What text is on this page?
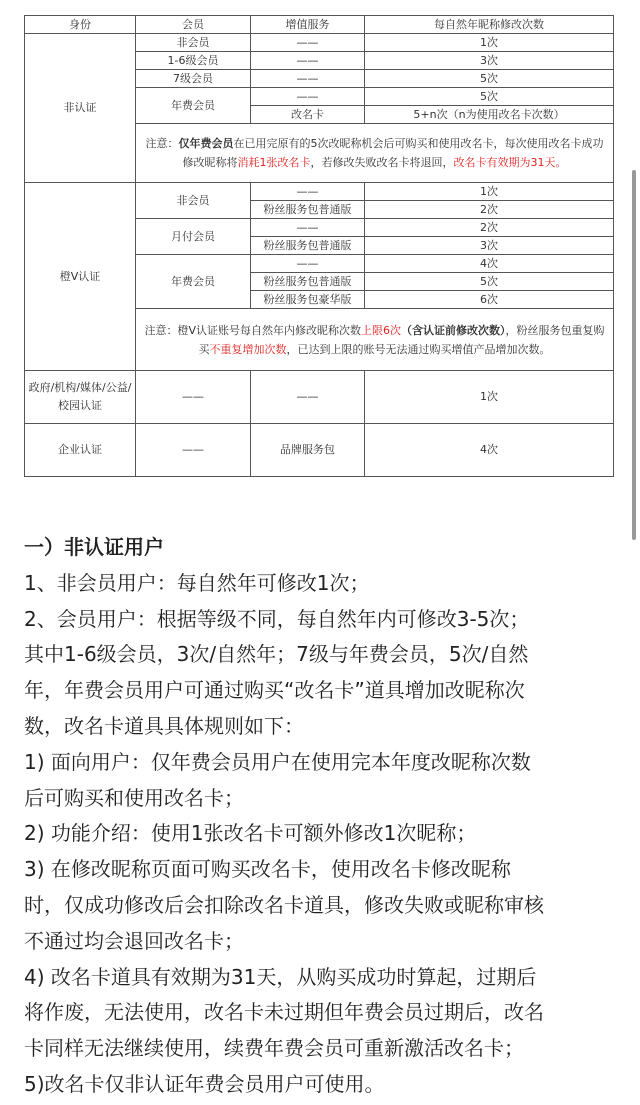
身份	会员	增值服务	每自然年昵称修改次数
非认证	非会员	——	1次
	1-6级会员	——	3次
	7级会员	——	5次
	年费会员	——	5次
		改名卡	5+n次（n为使用改名卡次数）
	注意：仅年费会员在已用完原有的5次改昵称机会后可购买和使用改名卡，每次使用改名卡成功修改昵称将消耗1张改名卡，若修改失败改名卡将退回，改名卡有效期为31天。		
橙V认证	非会员	——	1次
		粉丝服务包普通版	2次
	月付会员	——	2次
		粉丝服务包普通版	3次
	年费会员	——	4次
		粉丝服务包普通版	5次
		粉丝服务包豪华版	6次
	注意：橙V认证账号每自然年内修改昵称次数上限6次（含认证前修改次数），粉丝服务包重复购买不重复增加次数，已达到上限的账号无法通过购买增值产品增加次数。		
政府/机构/媒体/公益/校园认证	——	——	1次
企业认证	——	品牌服务包	4次
一）非认证用户
1、非会员用户：每自然年可修改1次；
2、会员用户：根据等级不同，每自然年内可修改3-5次；
其中1-6级会员，3次/自然年；7级与年费会员，5次/自然
年，年费会员用户可通过购买“改名卡”道具增加改昵称次
数，改名卡道具具体规则如下：
1) 面向用户：仅年费会员用户在使用完本年度改昵称次数
后可购买和使用改名卡；
2) 功能介绍：使用1张改名卡可额外修改1次昵称；
3) 在修改昵称页面可购买改名卡，使用改名卡修改昵称
时，仅成功修改后会扣除改名卡道具，修改失败或昵称审核
不通过均会退回改名卡；
4) 改名卡道具有效期为31天，从购买成功时算起，过期后
将作废，无法使用，改名卡未过期但年费会员过期后，改名
卡同样无法继续使用，续费年费会员可重新激活改名卡；
5)改名卡仅非认证年费会员用户可使用。
